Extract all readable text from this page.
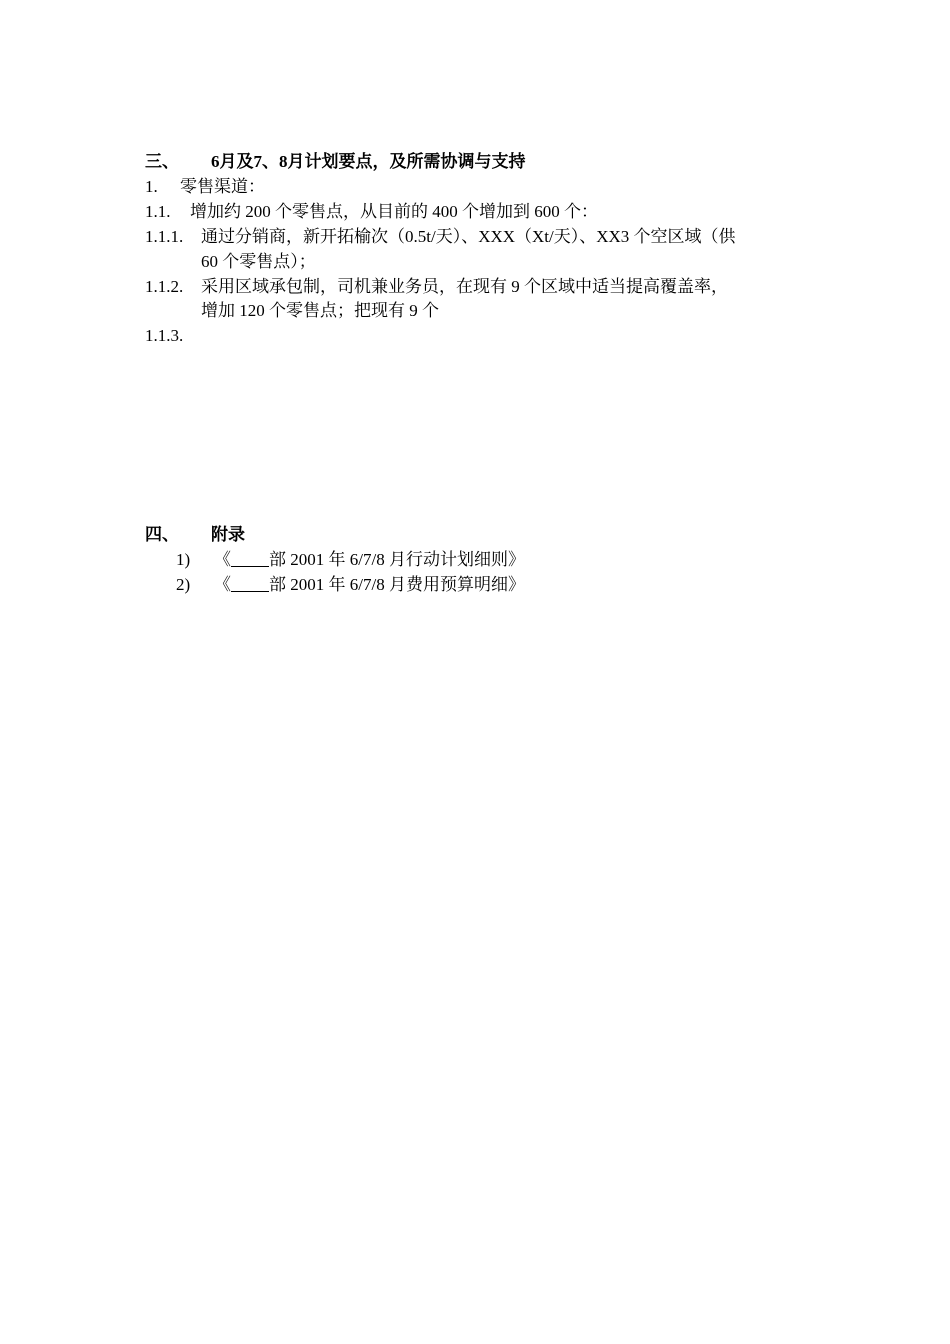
三、 6月及7、8月计划要点，及所需协调与支持
1. 零售渠道：
1.1. 增加约 200 个零售点，从目前的 400 个增加到 600 个：
1.1.1. 通过分销商，新开拓榆次（0.5t/天）、XXX（Xt/天）、XX3 个空区域（供
60 个零售点）；
1.1.2. 采用区域承包制，司机兼业务员，在现有 9 个区域中适当提高覆盖率，
增加 120 个零售点；把现有 9 个
1.1.3.
四、 附录
1) 《 部 2001 年 6/7/8 月行动计划细则》
2) 《 部 2001 年 6/7/8 月费用预算明细》
